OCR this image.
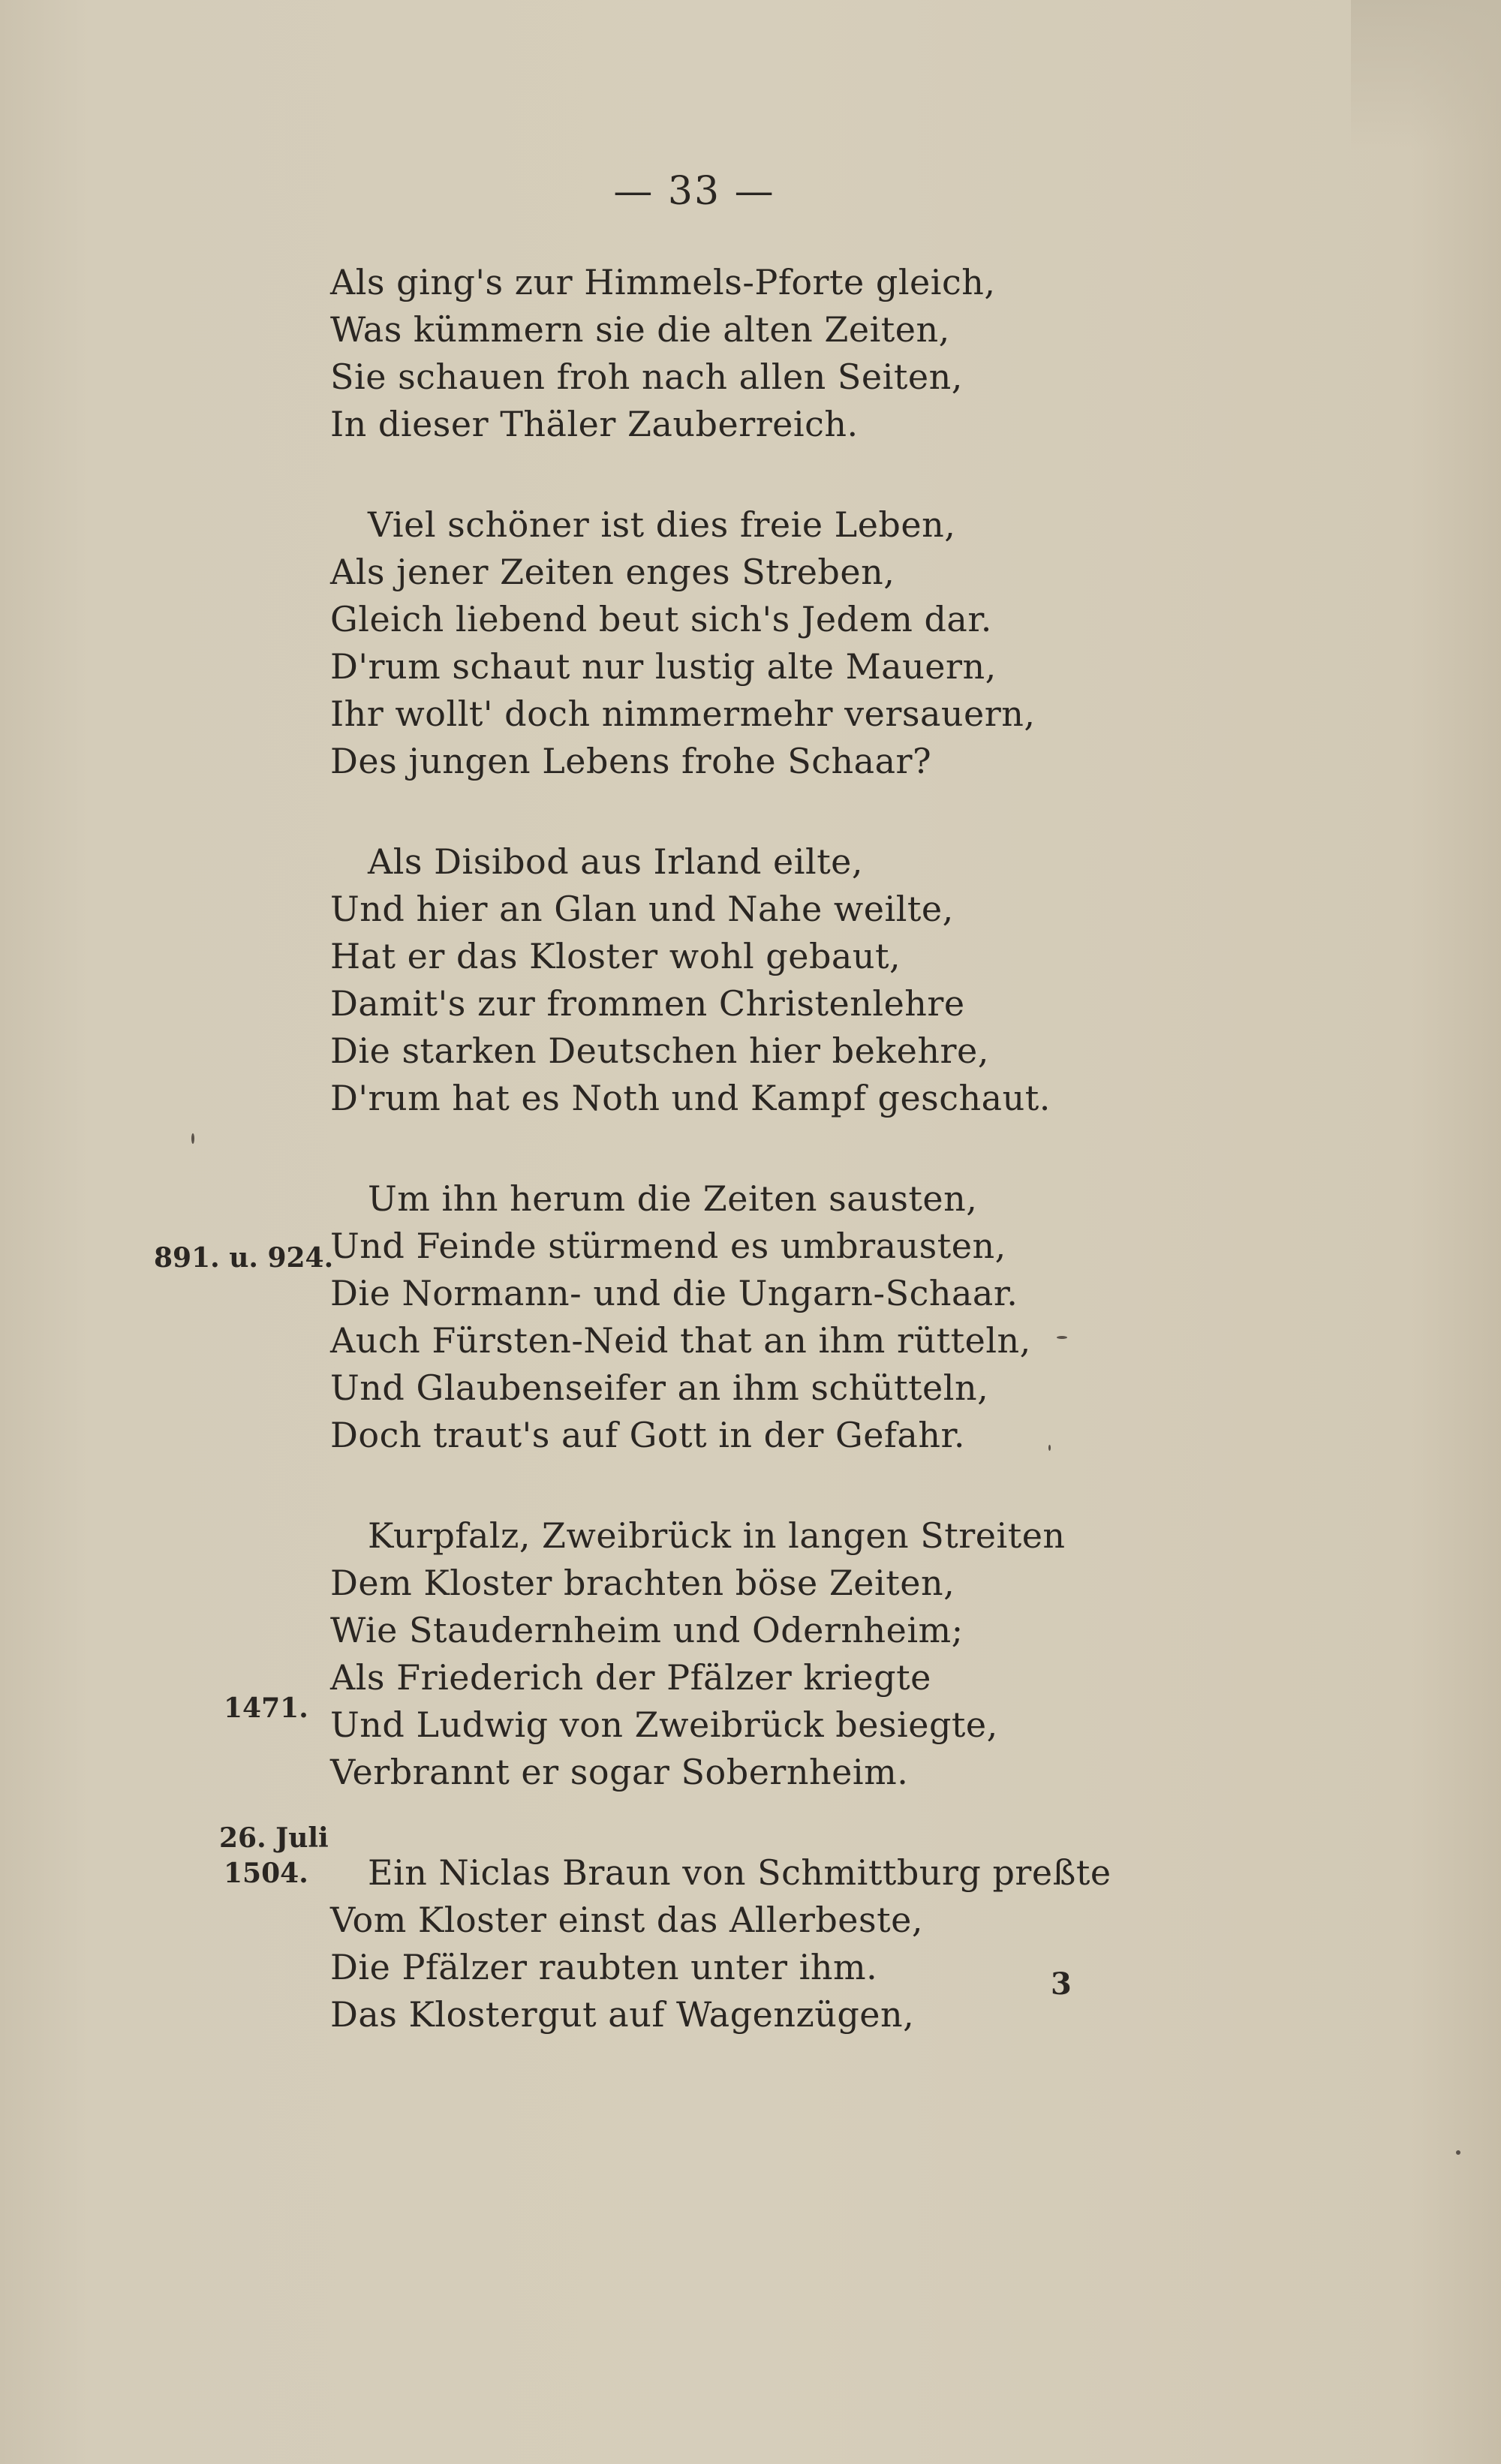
— 33 —
Als ging's zur Himmels-Pforte gleich,
Was kümmern sie die alten Zeiten,
Sie schauen froh nach allen Seiten,
In dieser Thäler Zauberreich.
Viel schöner ist dies freie Leben,
Als jener Zeiten enges Streben,
Gleich liebend beut sich's Jedem dar.
D'rum schaut nur lustig alte Mauern,
Ihr wollt' doch nimmermehr versauern,
Des jungen Lebens frohe Schaar?
Als Disibod aus Irland eilte,
Und hier an Glan und Nahe weilte,
Hat er das Kloster wohl gebaut,
Damit's zur frommen Christenlehre
Die starken Deutschen hier bekehre,
D'rum hat es Noth und Kampf geschaut.
Um ihn herum die Zeiten sausten,
Und Feinde stürmend es umbrausten,
Die Normann- und die Ungarn-Schaar.
Auch Fürsten-Neid that an ihm rütteln,
Und Glaubenseifer an ihm schütteln,
Doch traut's auf Gott in der Gefahr.
Kurpfalz, Zweibrück in langen Streiten
Dem Kloster brachten böse Zeiten,
Wie Staudernheim und Odernheim;
Als Friederich der Pfälzer kriegte
Und Ludwig von Zweibrück besiegte,
Verbrannt er sogar Sobernheim.
Ein Niclas Braun von Schmittburg preßte
Vom Kloster einst das Allerbeste,
Die Pfälzer raubten unter ihm.
Das Klostergut auf Wagenzügen,
891. u. 924.
1471.
26. Juli
1504.
3
